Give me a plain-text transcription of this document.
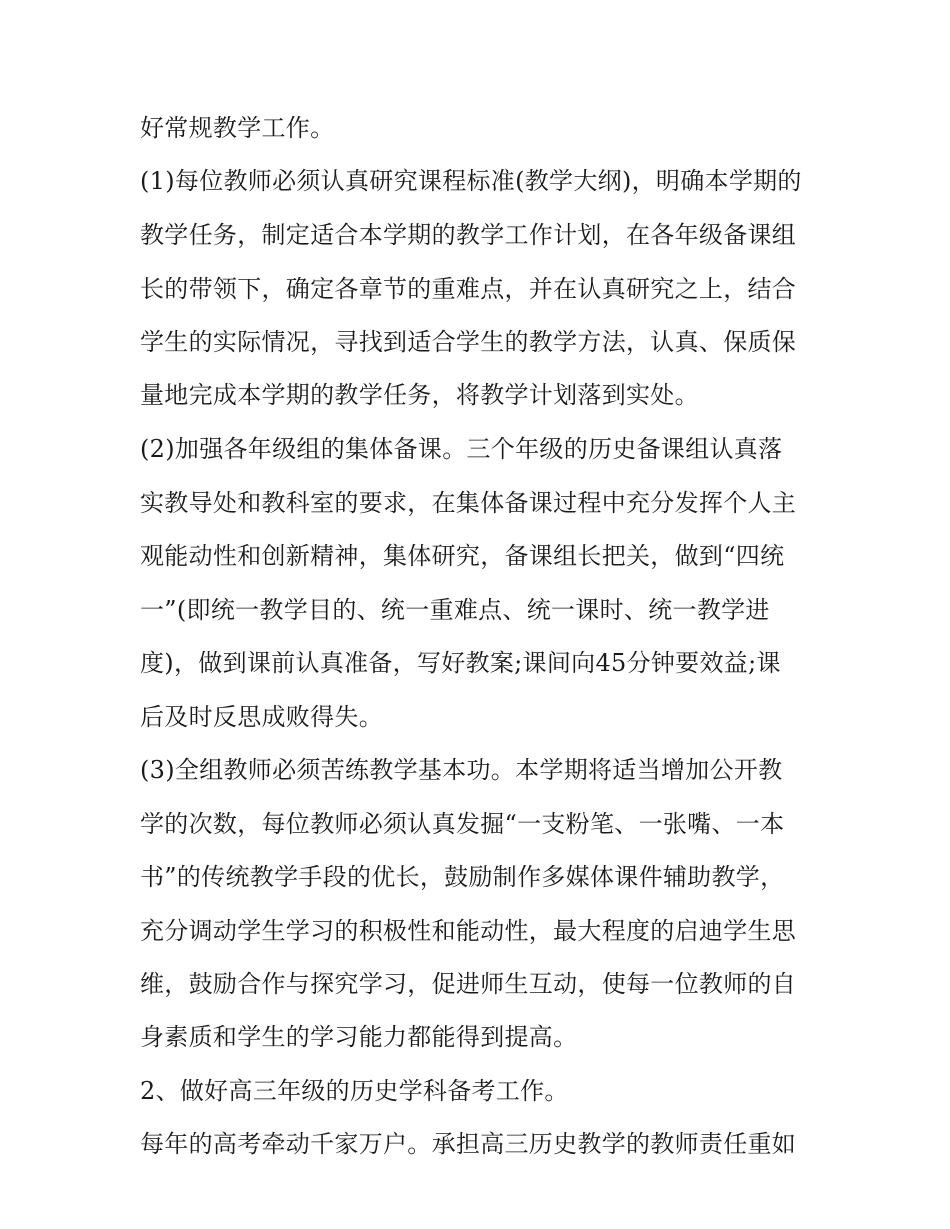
好常规教学工作。
(1)每位教师必须认真研究课程标准(教学大纲)，明确本学期的
教学任务，制定适合本学期的教学工作计划，在各年级备课组
长的带领下，确定各章节的重难点，并在认真研究之上，结合
学生的实际情况，寻找到适合学生的教学方法，认真、保质保
量地完成本学期的教学任务，将教学计划落到实处。
(2)加强各年级组的集体备课。三个年级的历史备课组认真落
实教导处和教科室的要求，在集体备课过程中充分发挥个人主
观能动性和创新精神，集体研究，备课组长把关，做到“四统
一”(即统一教学目的、统一重难点、统一课时、统一教学进
度)，做到课前认真准备，写好教案;课间向45分钟要效益;课
后及时反思成败得失。
(3)全组教师必须苦练教学基本功。本学期将适当增加公开教
学的次数，每位教师必须认真发掘“一支粉笔、一张嘴、一本
书”的传统教学手段的优长，鼓励制作多媒体课件辅助教学，
充分调动学生学习的积极性和能动性，最大程度的启迪学生思
维，鼓励合作与探究学习，促进师生互动，使每一位教师的自
身素质和学生的学习能力都能得到提高。
2、做好高三年级的历史学科备考工作。
每年的高考牵动千家万户。承担高三历史教学的教师责任重如
